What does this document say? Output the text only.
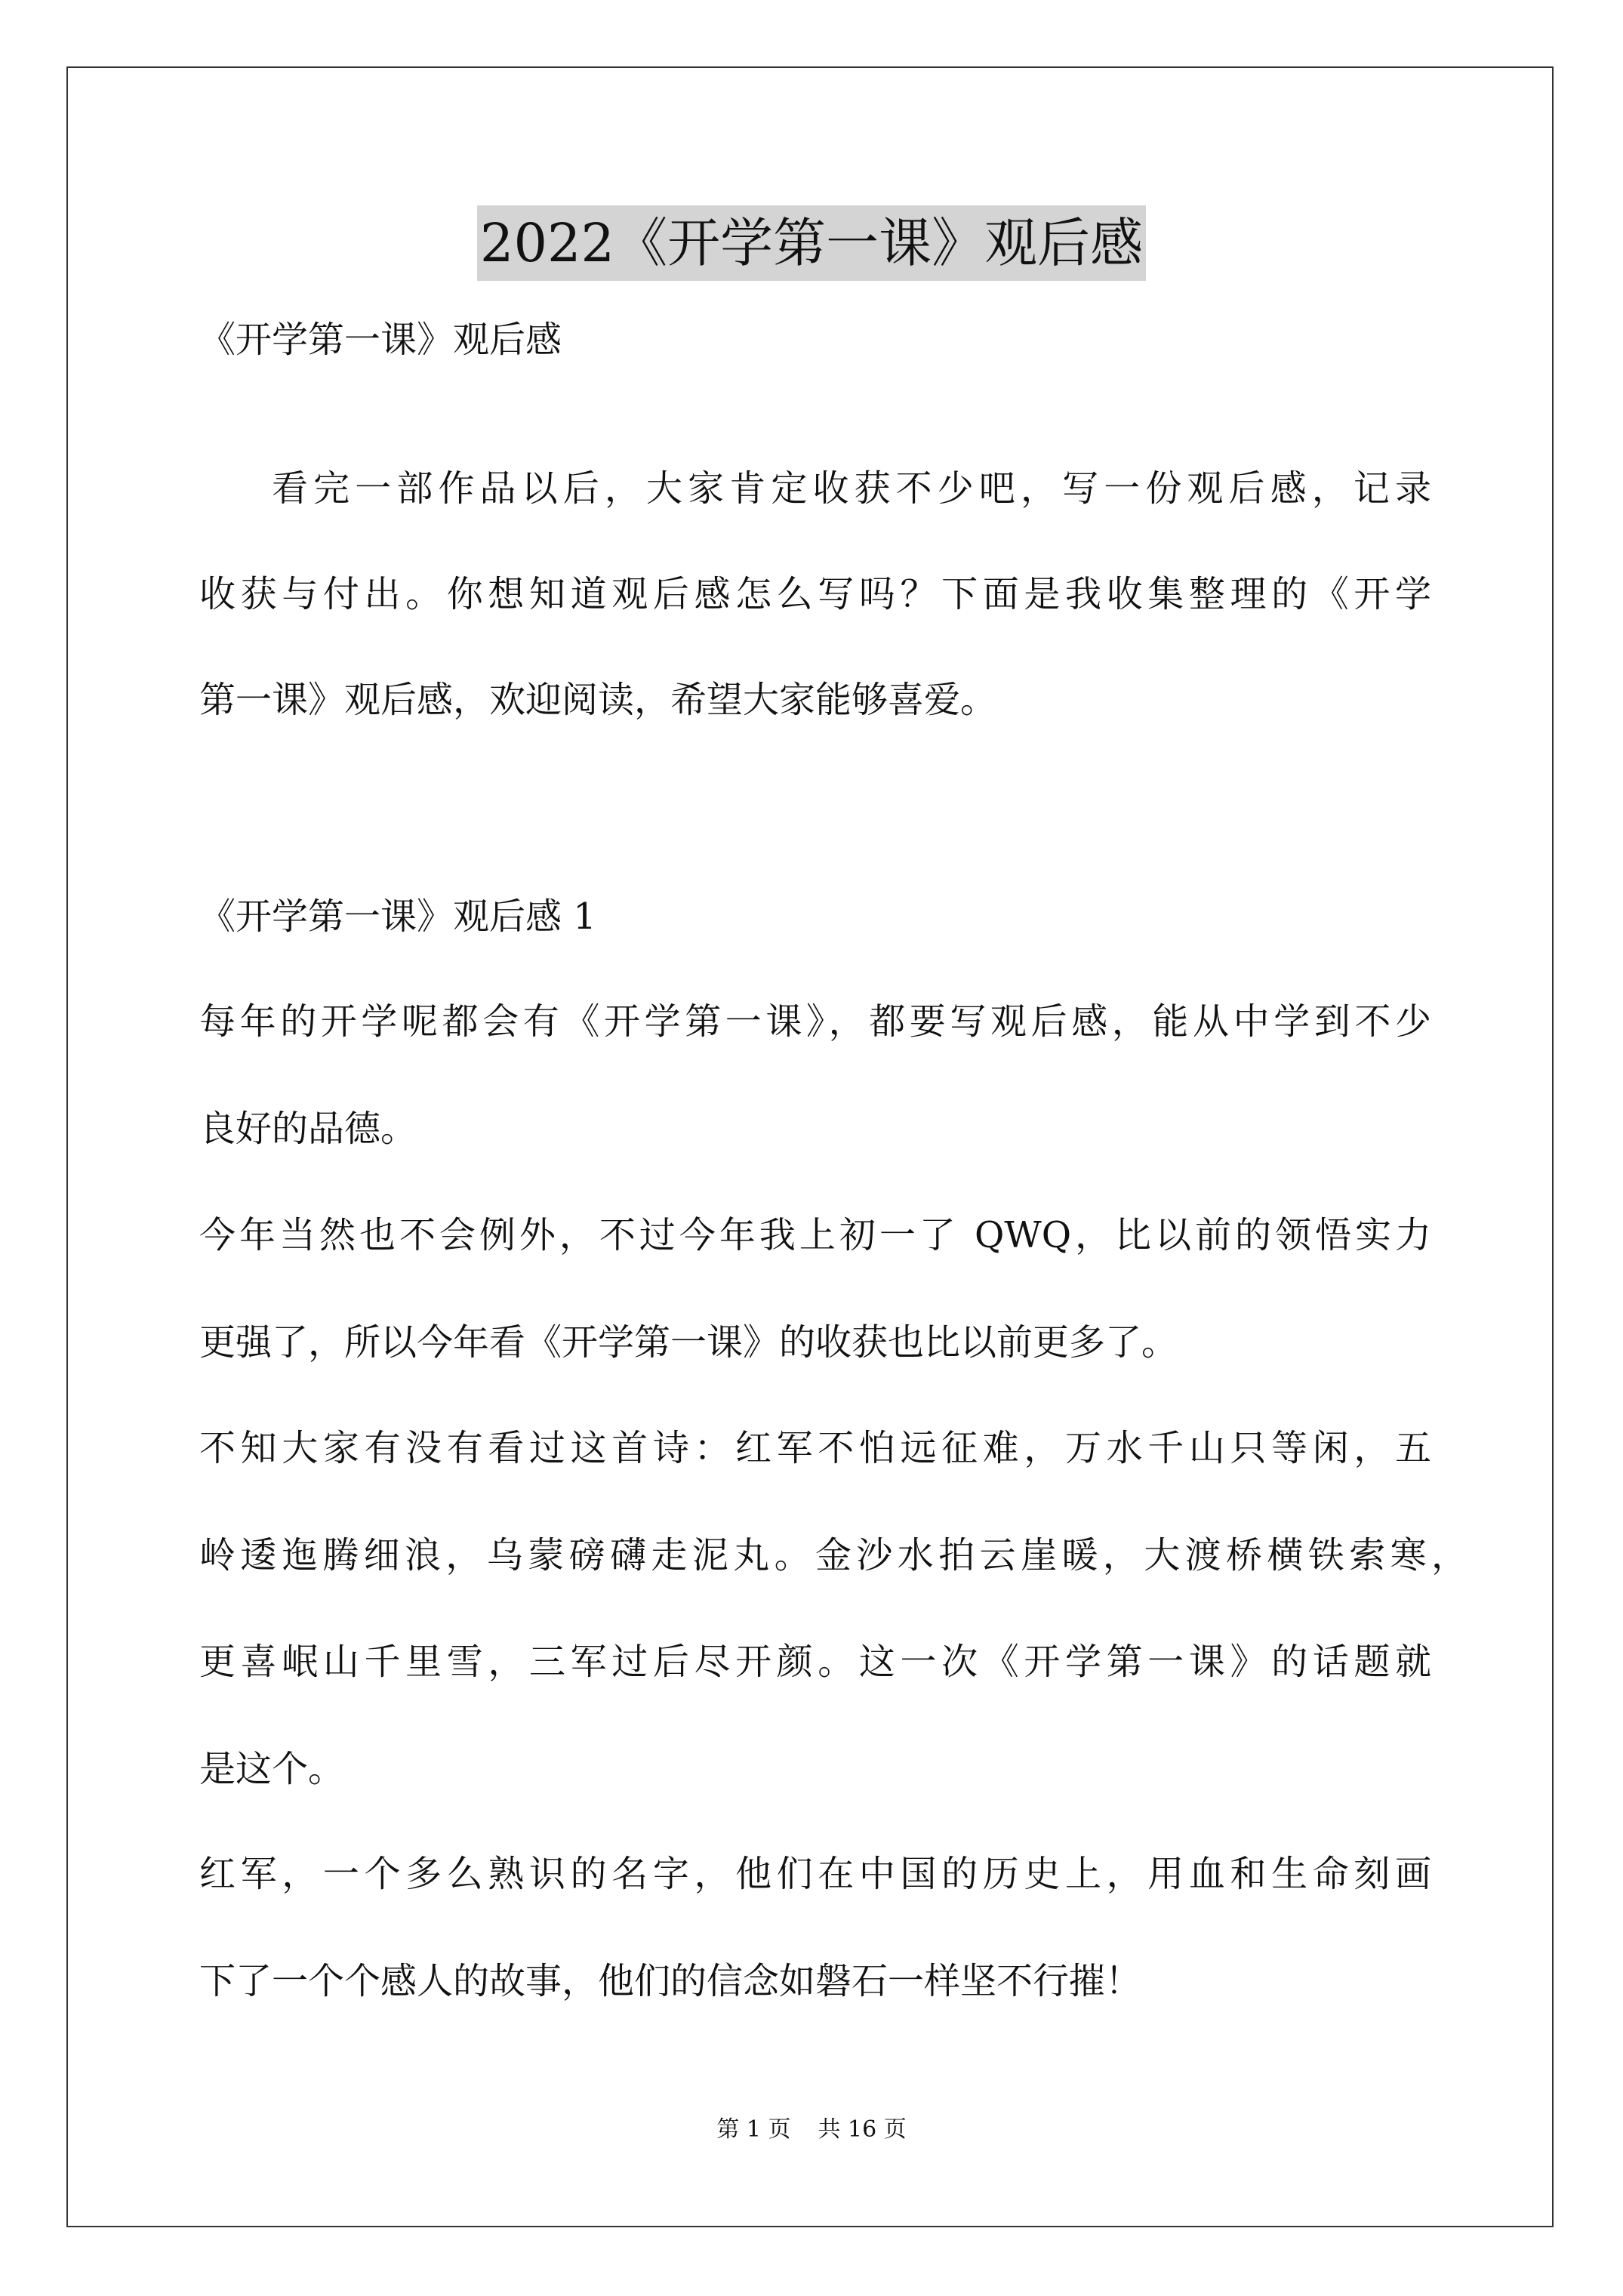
2022《开学第一课》观后感
《开学第一课》观后感
看完一部作品以后，大家肯定收获不少吧，写一份观后感，记录
收获与付出。你想知道观后感怎么写吗？下面是我收集整理的《开学
第一课》观后感，欢迎阅读，希望大家能够喜爱。
《开学第一课》观后感 1
每年的开学呢都会有《开学第一课》，都要写观后感，能从中学到不少
良好的品德。
今年当然也不会例外，不过今年我上初一了 QWQ，比以前的领悟实力
更强了，所以今年看《开学第一课》的收获也比以前更多了。
不知大家有没有看过这首诗：红军不怕远征难，万水千山只等闲，五
岭逶迤腾细浪，乌蒙磅礴走泥丸。金沙水拍云崖暖，大渡桥横铁索寒，
更喜岷山千里雪，三军过后尽开颜。这一次《开学第一课》的话题就
是这个。
红军，一个多么熟识的名字，他们在中国的历史上，用血和生命刻画
下了一个个感人的故事，他们的信念如磐石一样坚不行摧！
第 1 页 共 16 页
